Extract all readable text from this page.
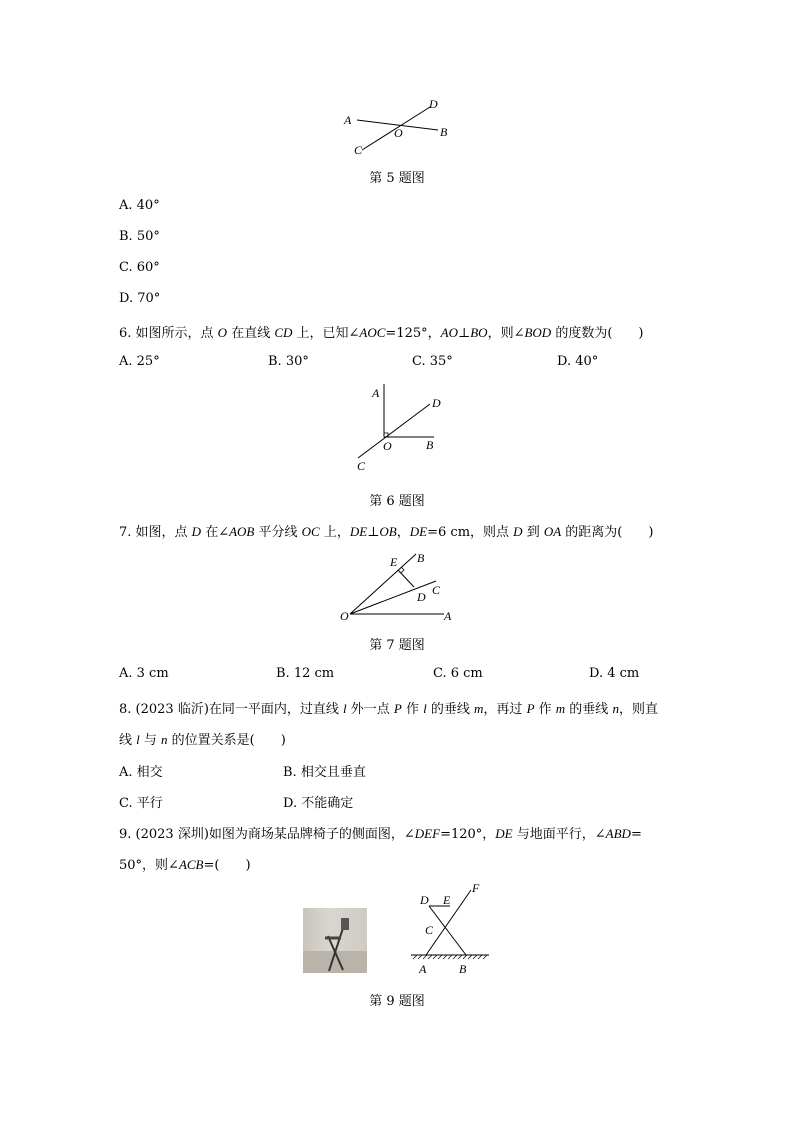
A
D
O	B
C
第 5 题图
A. 40°
B. 50°
C. 60°
D. 70°
6. 如图所示，点 O 在直线 CD 上，已知∠AOC=125°，AO⊥BO，则∠BOD 的度数为(　　)
A. 25°	B. 30°	C. 35°	D. 40°
A
D
O	B
C
第 6 题图
7. 如图，点 D 在∠AOB 平分线 OC 上，DE⊥OB，DE=6 cm，则点 D 到 OA 的距离为(　　)
E B
C
D
O	A
第 7 题图
A. 3 cm	B. 12 cm	C. 6 cm	D. 4 cm
8. (2023 临沂)在同一平面内，过直线 l 外一点 P 作 l 的垂线 m，再过 P 作 m 的垂线 n，则直
线 l 与 n 的位置关系是(　　)
A. 相交	B. 相交且垂直
C. 平行	D. 不能确定
9. (2023 深圳)如图为商场某品牌椅子的侧面图，∠DEF=120°，DE 与地面平行，∠ABD=
50°，则∠ACB=(　　)
D E
F
C
A	B
第 9 题图
